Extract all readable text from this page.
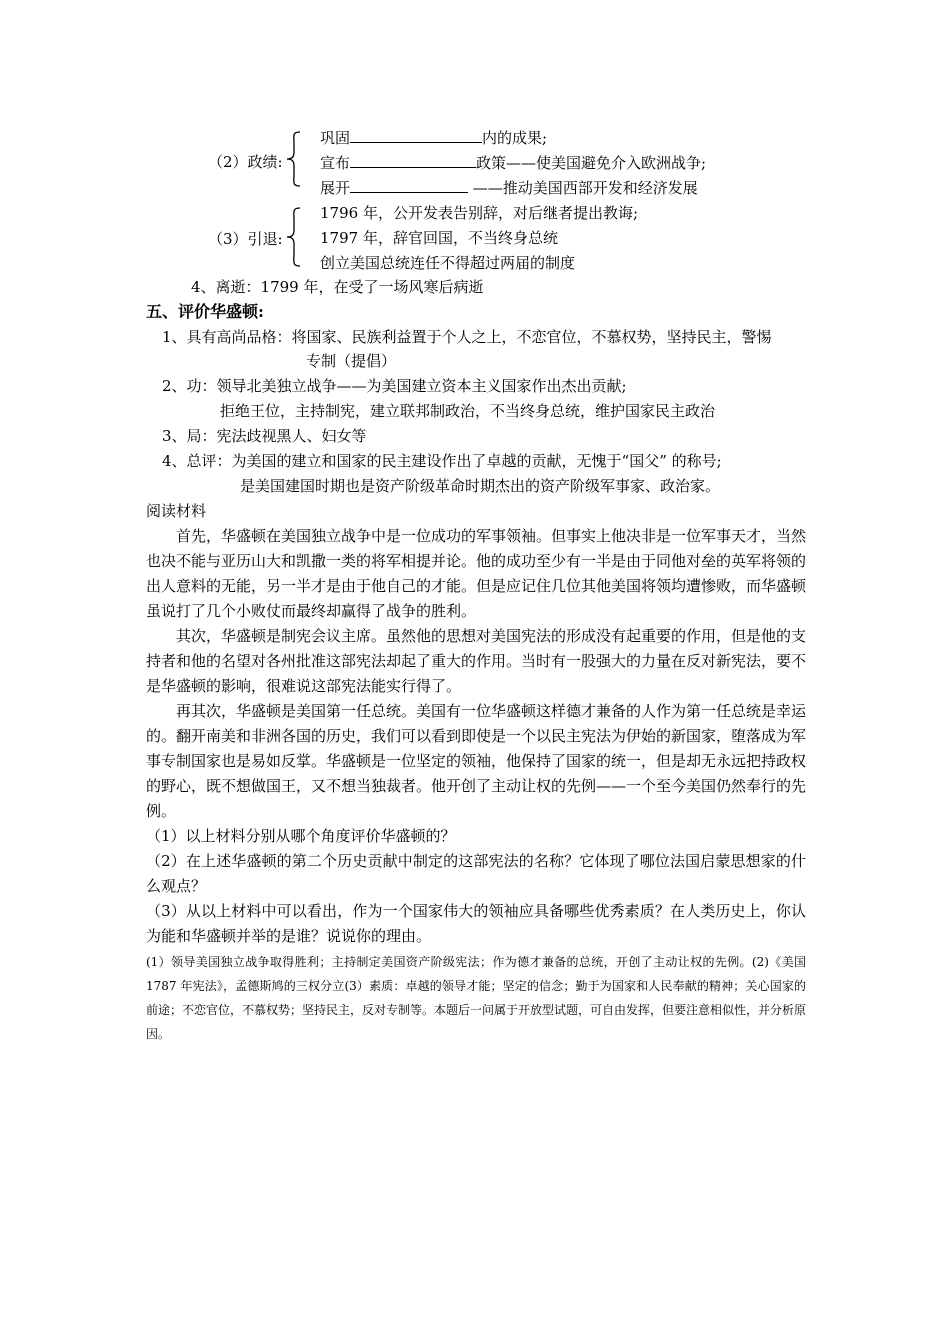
（2）政绩:
巩固	内的成果;
宣布	政策——使美国避免介入欧洲战争;
展开	——推动美国西部开发和经济发展
（3）引退:
1796 年，公开发表告别辞，对后继者提出教诲;
1797 年，辞官回国，不当终身总统
创立美国总统连任不得超过两届的制度
4、离逝：1799 年，在受了一场风寒后病逝
五、评价华盛顿:
1、具有高尚品格：将国家、民族利益置于个人之上，不恋官位，不慕权势，坚持民主，警惕
专制（提倡）
2、功：领导北美独立战争——为美国建立资本主义国家作出杰出贡献;
拒绝王位，主持制宪，建立联邦制政治，不当终身总统，维护国家民主政治
3、局：宪法歧视黑人、妇女等
4、总评：为美国的建立和国家的民主建设作出了卓越的贡献，无愧于“国父” 的称号;
是美国建国时期也是资产阶级革命时期杰出的资产阶级军事家、政治家。
阅读材料
首先，华盛顿在美国独立战争中是一位成功的军事领袖。但事实上他决非是一位军事天才，当然也决不能与亚历山大和凯撒一类的将军相提并论。他的成功至少有一半是由于同他对垒的英军将领的出人意料的无能，另一半才是由于他自己的才能。但是应记住几位其他美国将领均遭惨败，而华盛顿虽说打了几个小败仗而最终却赢得了战争的胜利。
其次，华盛顿是制宪会议主席。虽然他的思想对美国宪法的形成没有起重要的作用，但是他的支持者和他的名望对各州批准这部宪法却起了重大的作用。当时有一股强大的力量在反对新宪法，要不是华盛顿的影响，很难说这部宪法能实行得了。
再其次，华盛顿是美国第一任总统。美国有一位华盛顿这样德才兼备的人作为第一任总统是幸运的。翻开南美和非洲各国的历史，我们可以看到即使是一个以民主宪法为伊始的新国家，堕落成为军事专制国家也是易如反掌。华盛顿是一位坚定的领袖，他保持了国家的统一，但是却无永远把持政权的野心，既不想做国王，又不想当独裁者。他开创了主动让权的先例——一个至今美国仍然奉行的先例。
（1）以上材料分别从哪个角度评价华盛顿的？
（2）在上述华盛顿的第二个历史贡献中制定的这部宪法的名称？它体现了哪位法国启蒙思想家的什么观点？
（3）从以上材料中可以看出，作为一个国家伟大的领袖应具备哪些优秀素质？在人类历史上，你认为能和华盛顿并举的是谁？说说你的理由。
(1）领导美国独立战争取得胜利；主持制定美国资产阶级宪法；作为德才兼备的总统，开创了主动让权的先例。(2)《美国 1787 年宪法》，孟德斯鸠的三权分立(3）素质：卓越的领导才能；坚定的信念；勤于为国家和人民奉献的精神；关心国家的前途；不恋官位，不慕权势；坚持民主，反对专制等。本题后一问属于开放型试题，可自由发挥，但要注意相似性，并分析原因。
